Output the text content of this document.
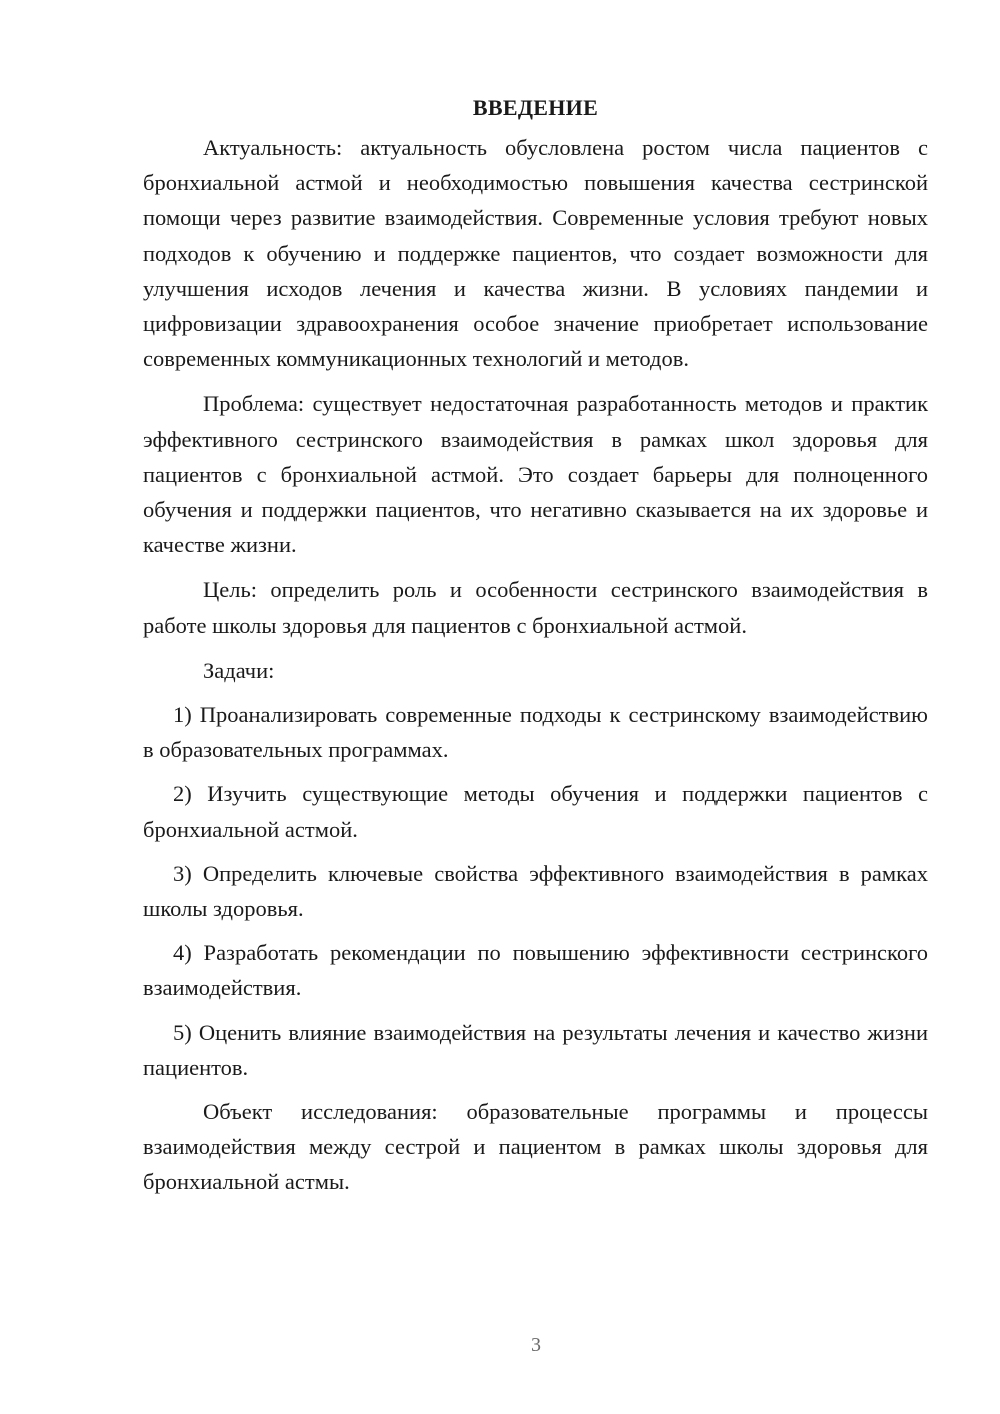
ВВЕДЕНИЕ

Актуальность: актуальность обусловлена ростом числа пациентов с бронхиальной астмой и необходимостью повышения качества сестринской помощи через развитие взаимодействия. Современные условия требуют новых подходов к обучению и поддержке пациентов, что создает возможности для улучшения исходов лечения и качества жизни. В условиях пандемии и цифровизации здравоохранения особое значение приобретает использование современных коммуникационных технологий и методов.

Проблема: существует недостаточная разработанность методов и практик эффективного сестринского взаимодействия в рамках школ здоровья для пациентов с бронхиальной астмой. Это создает барьеры для полноценного обучения и поддержки пациентов, что негативно сказывается на их здоровье и качестве жизни.

Цель: определить роль и особенности сестринского взаимодействия в работе школы здоровья для пациентов с бронхиальной астмой.

Задачи:

1) Проанализировать современные подходы к сестринскому взаимодействию в образовательных программах.

2) Изучить существующие методы обучения и поддержки пациентов с бронхиальной астмой.

3) Определить ключевые свойства эффективного взаимодействия в рамках школы здоровья.

4) Разработать рекомендации по повышению эффективности сестринского взаимодействия.

5) Оценить влияние взаимодействия на результаты лечения и качество жизни пациентов.

Объект исследования: образовательные программы и процессы взаимодействия между сестрой и пациентом в рамках школы здоровья для бронхиальной астмы.

3
